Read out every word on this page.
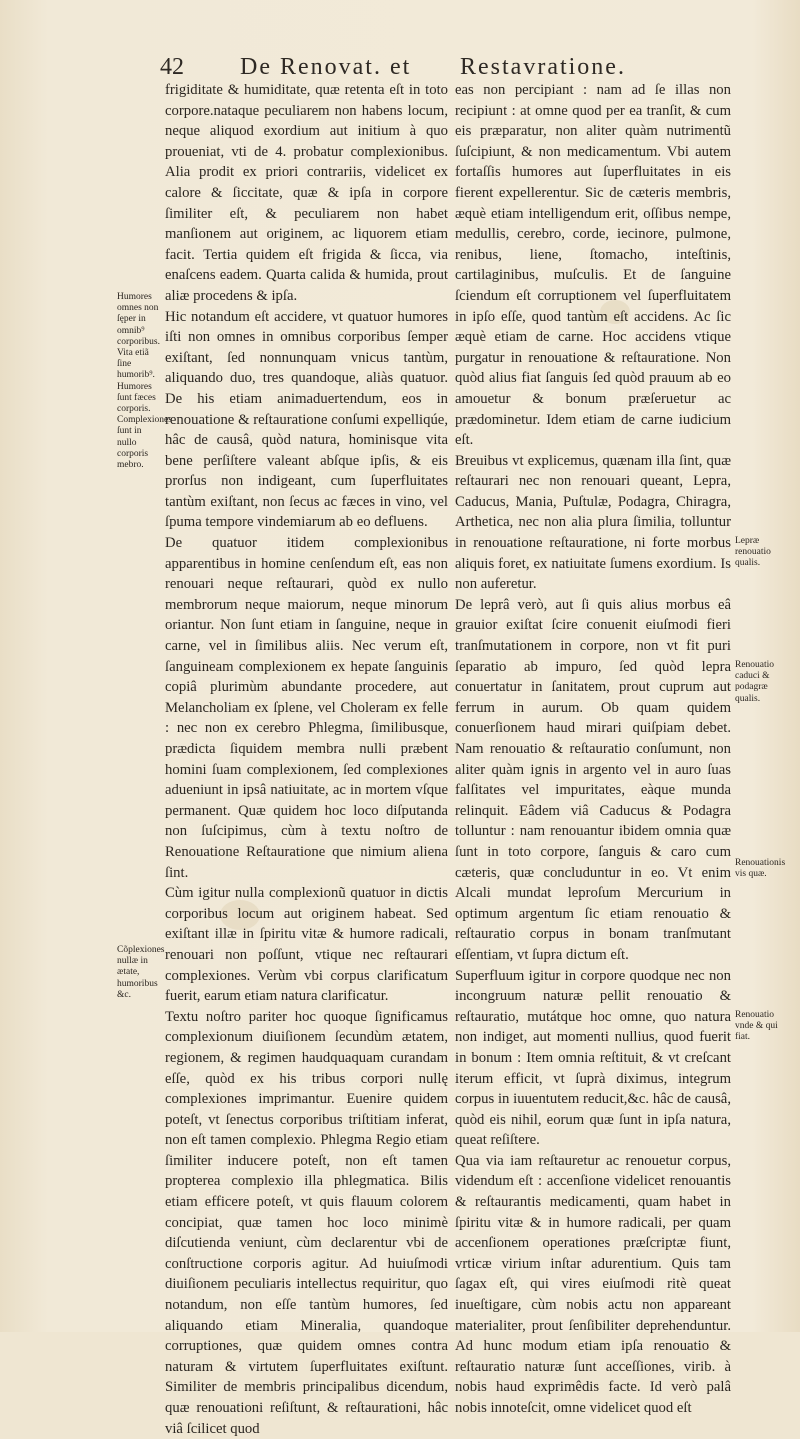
42 De Renovat. et Restavratione.
frigiditate & humiditate, quæ retenta eſt in toto corpore.nataque peculiarem non habens locum, neque aliquod exordium aut initium à quo proueniat, vti de 4. probatur complexionibus. Alia prodit ex priori contrariis, videlicet ex calore & ſiccitate, quæ & ipſa in corpore ſimiliter eſt, & peculiarem non habet manſionem aut originem, ac liquorem etiam facit. Tertia quidem eſt frigida & ſicca, via enaſcens eadem. Quarta calida & humida, prout aliæ procedens & ipſa.
Hic notandum eſt accidere, vt quatuor humores iſti non omnes in omnibus corporibus ſemper exiſtant, ſed nonnunquam vnicus tantùm, aliquando duo, tres quandoque, aliàs quatuor. De his etiam animaduertendum, eos in renouatione & reſtauratione conſumi expelliqúe, hâc de causâ, quòd natura, hominisque vita bene perſiſtere valeant abſque ipſis, & eis prorſus non indigeant, cum ſuperfluitates tantùm exiſtant, non ſecus ac fæces in vino, vel ſpuma tempore vindemiarum ab eo defluens.
De quatuor itidem complexionibus apparentibus in homine cenſendum eſt, eas non renouari neque reſtaurari, quòd ex nullo membrorum neque maiorum, neque minorum oriantur. Non ſunt etiam in ſanguine, neque in carne, vel in ſimilibus aliis. Nec verum eſt, ſanguineam complexionem ex hepate ſanguinis copiâ plurimùm abundante procedere, aut Melancholiam ex ſplene, vel Choleram ex felle : nec non ex cerebro Phlegma, ſimilibusque, prædicta ſiquidem membra nulli præbent homini ſuam complexionem, ſed complexiones adueniunt in ipsâ natiuitate, ac in mortem vſque permanent. Quæ quidem hoc loco diſputanda non ſuſcipimus, cùm à textu noſtro de Renouatione Reſtauratione que nimium aliena ſint.
Cùm igitur nulla complexionũ quatuor in dictis corporibus locum aut originem habeat. Sed exiſtant illæ in ſpiritu vitæ & humore radicali, renouari non poſſunt, vtique nec reſtaurari complexiones. Verùm vbi corpus clarificatum fuerit, earum etiam natura clarificatur.
Textu noſtro pariter hoc quoque ſignificamus complexionum diuiſionem ſecundùm ætatem, regionem, & regimen haudquaquam curandam eſſe, quòd ex his tribus corpori nullę complexiones imprimantur. Euenire quidem poteſt, vt ſenectus corporibus triſtitiam inferat, non eſt tamen complexio. Phlegma Regio etiam ſimiliter inducere poteſt, non eſt tamen propterea complexio illa phlegmatica. Bilis etiam efficere poteſt, vt quis flauum colorem concipiat, quæ tamen hoc loco minimè diſcutienda veniunt, cùm declarentur vbi de conſtructione corporis agitur. Ad huiuſmodi diuiſionem peculiaris intellectus requiritur, quo notandum, non eſſe tantùm humores, ſed aliquando etiam Mineralia, quandoque corruptiones, quæ quidem omnes contra naturam & virtutem ſuperfluitates exiſtunt. Similiter de membris principalibus dicendum, quæ renouationi reſiſtunt, & reſtaurationi, hâc viâ ſcilicet quod
eas non percipiant : nam ad ſe illas non recipiunt : at omne quod per ea tranſit, & cum eis præparatur, non aliter quàm nutrimentũ ſuſcipiunt, & non medicamentum. Vbi autem fortaſſis humores aut ſuperfluitates in eis fierent expellerentur. Sic de cæteris membris, æquè etiam intelligendum erit, oſſibus nempe, medullis, cerebro, corde, iecinore, pulmone, renibus, liene, ſtomacho, inteſtinis, cartilaginibus, muſculis. Et de ſanguine ſciendum eſt corruptionem vel ſuperfluitatem in ipſo eſſe, quod tantùm eſt accidens. Ac ſic æquè etiam de carne. Hoc accidens vtique purgatur in renouatione & reſtauratione. Non quòd alius fiat ſanguis ſed quòd prauum ab eo amouetur & bonum præſeruetur ac prædominetur. Idem etiam de carne iudicium eſt.
Breuibus vt explicemus, quænam illa ſint, quæ reſtaurari nec non renouari queant, Lepra, Caducus, Mania, Puſtulæ, Podagra, Chiragra, Arthetica, nec non alia plura ſimilia, tolluntur in renouatione reſtauratione, ni forte morbus aliquis foret, ex natiuitate ſumens exordium. Is non auferetur.
De leprâ verò, aut ſi quis alius morbus eâ grauior exiſtat ſcire conuenit eiuſmodi fieri tranſmutationem in corpore, non vt fit puri ſeparatio ab impuro, ſed quòd lepra conuertatur in ſanitatem, prout cuprum aut ferrum in aurum. Ob quam quidem conuerſionem haud mirari quiſpiam debet. Nam renouatio & reſtauratio conſumunt, non aliter quàm ignis in argento vel in auro ſuas falſitates vel impuritates, eàque munda relinquit. Eâdem viâ Caducus & Podagra tolluntur : nam renouantur ibidem omnia quæ ſunt in toto corpore, ſanguis & caro cum cæteris, quæ concluduntur in eo. Vt enim Alcali mundat leproſum Mercurium in optimum argentum ſic etiam renouatio & reſtauratio corpus in bonam tranſmutant eſſentiam, vt ſupra dictum eſt.
Superfluum igitur in corpore quodque nec non incongruum naturæ pellit renouatio & reſtauratio, mutátque hoc omne, quo natura non indiget, aut momenti nullius, quod fuerit in bonum : Item omnia reſtituit, & vt creſcant iterum efficit, vt ſuprà diximus, integrum corpus in iuuentutem reducit,&c. hâc de causâ, quòd eis nihil, eorum quæ ſunt in ipſa natura, queat reſiſtere.
Qua via iam reſtauretur ac renouetur corpus, videndum eſt : accenſione videlicet renouantis & reſtaurantis medicamenti, quam habet in ſpiritu vitæ & in humore radicali, per quam accenſionem operationes præſcriptæ fiunt, vrticæ virium inſtar adurentium. Quis tam ſagax eſt, qui vires eiuſmodi ritè queat inueſtigare, cùm nobis actu non appareant materialiter, prout ſenſibiliter deprehenduntur. Ad hunc modum etiam ipſa renouatio & reſtauratio naturæ ſunt acceſſiones, virib. à nobis haud exprimêdis facte. Id verò palâ nobis innoteſcit, omne videlicet quod eſt
Humores omnes non ſęper in omnib⁹ corporibus.
Vita etiã ſine humorib⁹.
Humores ſunt fæces corporis.
Complexiones ſunt in nullo corporis mebro.
Cõplexiones nullæ in ætate, humoribus &c.
Lepræ renouatio qualis.
Renouatio caduci & podagræ qualis.
Renouationis vis quæ.
Renouatio vnde & qui fiat.
